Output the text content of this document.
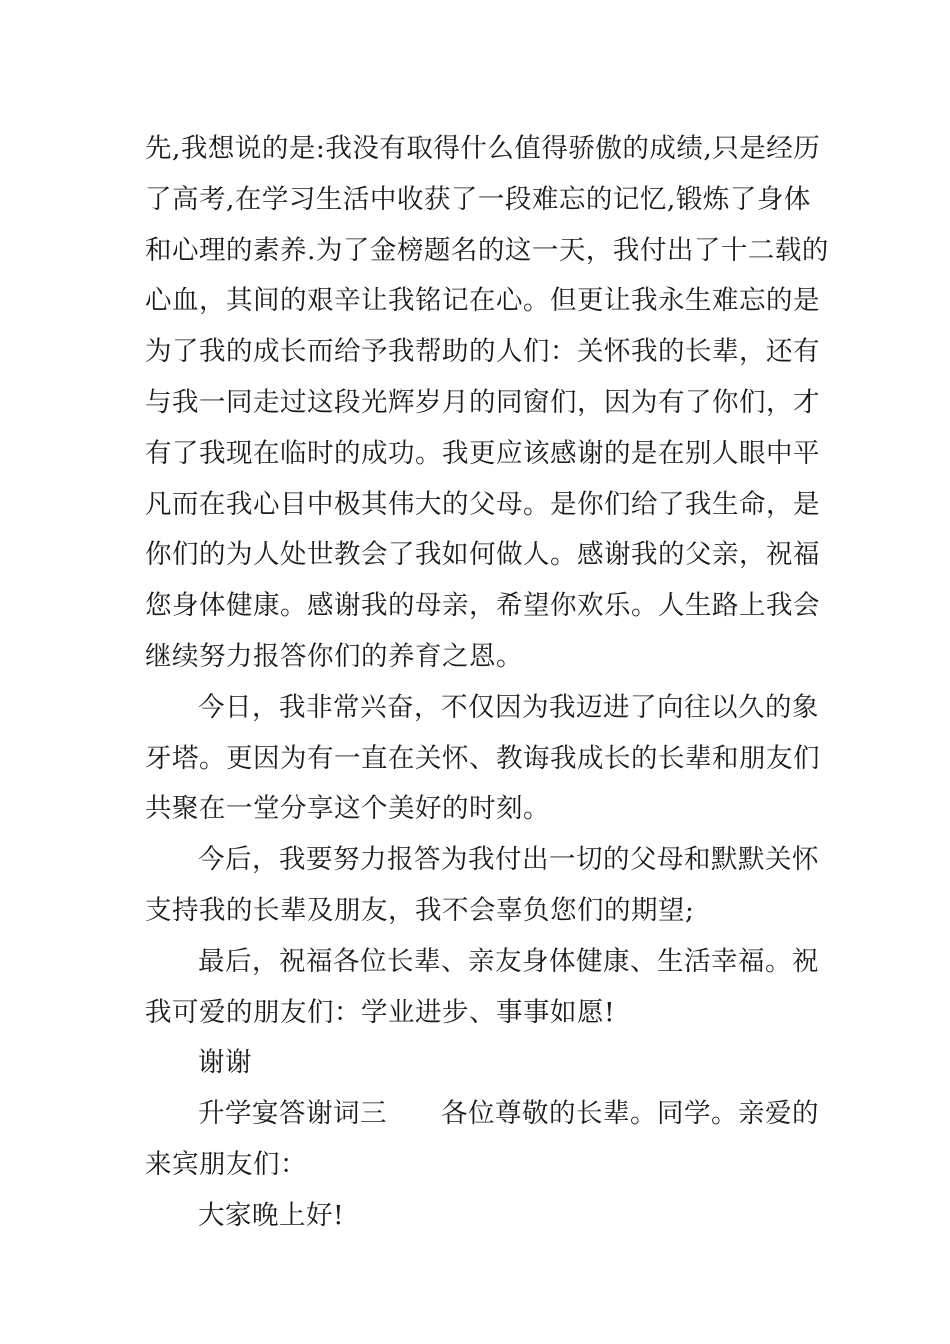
先,我想说的是:我没有取得什么值得骄傲的成绩,只是经历
了高考,在学习生活中收获了一段难忘的记忆,锻炼了身体
和心理的素养.为了金榜题名的这一天，我付出了十二载的
心血，其间的艰辛让我铭记在心。但更让我永生难忘的是
为了我的成长而给予我帮助的人们：关怀我的长辈，还有
与我一同走过这段光辉岁月的同窗们，因为有了你们，才
有了我现在临时的成功。我更应该感谢的是在别人眼中平
凡而在我心目中极其伟大的父母。是你们给了我生命，是
你们的为人处世教会了我如何做人。感谢我的父亲，祝福
您身体健康。感谢我的母亲，希望你欢乐。人生路上我会
继续努力报答你们的养育之恩。
今日，我非常兴奋，不仅因为我迈进了向往以久的象
牙塔。更因为有一直在关怀、教诲我成长的长辈和朋友们
共聚在一堂分享这个美好的时刻。
今后，我要努力报答为我付出一切的父母和默默关怀
支持我的长辈及朋友，我不会辜负您们的期望;
最后，祝福各位长辈、亲友身体健康、生活幸福。祝
我可爱的朋友们：学业进步、事事如愿!
谢谢
升学宴答谢词三　　各位尊敬的长辈。同学。亲爱的
来宾朋友们：
大家晚上好!
